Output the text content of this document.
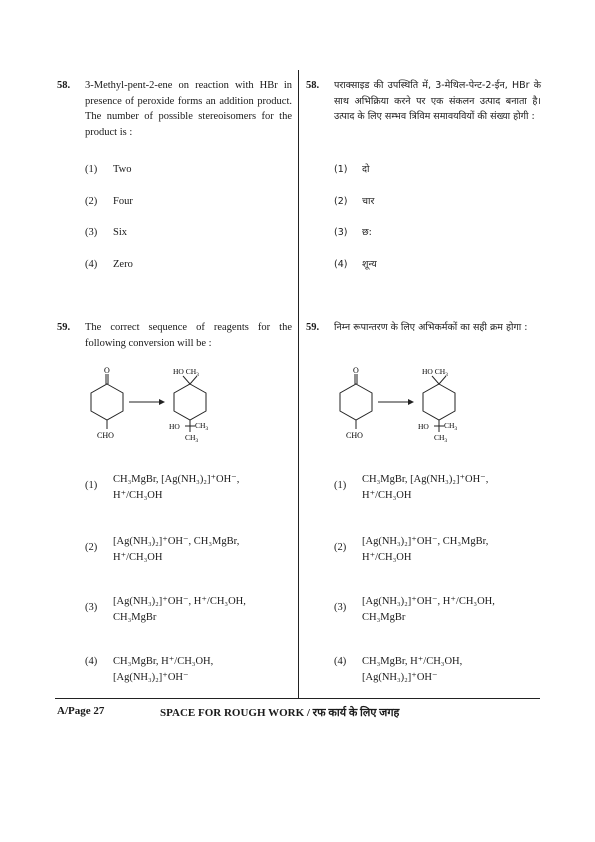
58. 3-Methyl-pent-2-ene on reaction with HBr in presence of peroxide forms an addition product. The number of possible stereoisomers for the product is :
(1) Two
(2) Four
(3) Six
(4) Zero
59. The correct sequence of reagents for the following conversion will be :
O
CHO
HO $CH_3$
HO $CH_3$
$CH_3$
(1)
CH₃MgBr, [Ag(NH₃)₂]⁺OH⁻,
H⁺/CH₃OH
(2)
[Ag(NH₃)₂]⁺OH⁻, CH₃MgBr,
H⁺/CH₃OH
(3)
[Ag(NH₃)₂]⁺OH⁻, H⁺/CH₃OH,
CH₃MgBr
(4) CH₃MgBr, H⁺/CH₃OH,
[Ag(NH₃)₂]⁺OH⁻
58. पराक्साइड की उपस्थिति में, 3-मेथिल-पेन्ट-2-ईन, HBr के साथ अभिक्रिया करने पर एक संकलन उत्पाद बनाता है। उत्पाद के लिए सम्भव त्रिविम समावयवियों की संख्या होगी :
(1) दो
(2) चार
(3) छ:
(4) शून्य
59. निम्न रूपान्तरण के लिए अभिकर्मकों का सही क्रम होगा :
O
CHO
HO $CH_3$
HO $CH_3$
$CH_3$
(1)
CH₃MgBr, [Ag(NH₃)₂]⁺OH⁻,
H⁺/CH₃OH
(2)
[Ag(NH₃)₂]⁺OH⁻, CH₃MgBr,
H⁺/CH₃OH
(3)
[Ag(NH₃)₂]⁺OH⁻, H⁺/CH₃OH,
CH₃MgBr
(4) CH₃MgBr, H⁺/CH₃OH,
[Ag(NH₃)₂]⁺OH⁻
A/Page 27	SPACE FOR ROUGH WORK / रफ कार्य के लिए जगह
